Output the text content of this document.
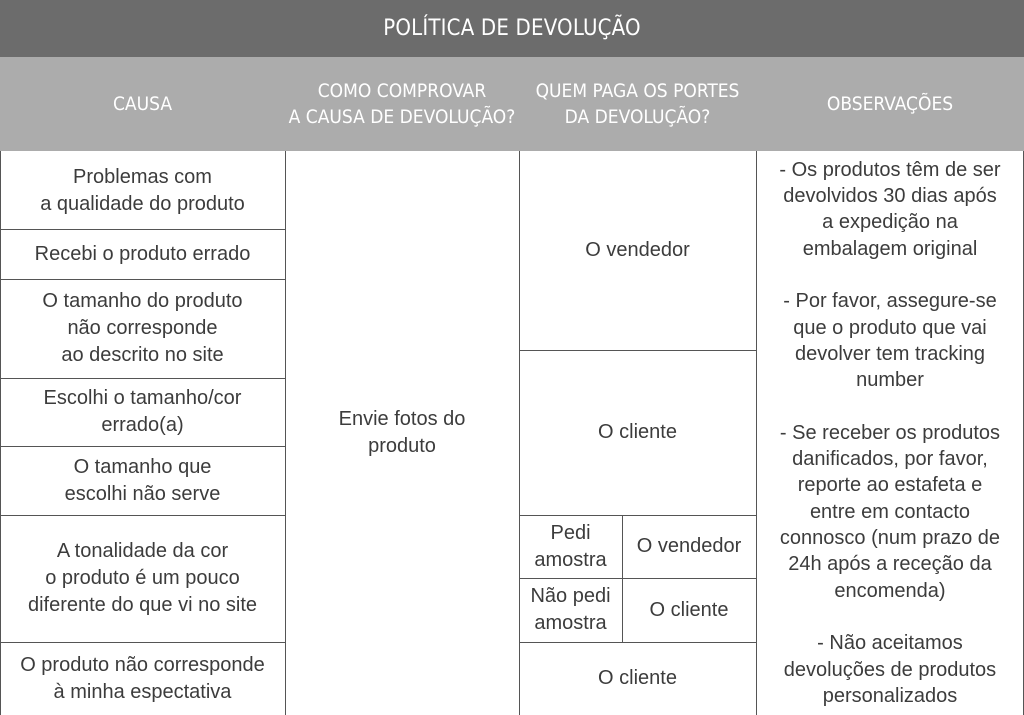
POLÍTICA DE DEVOLUÇÃO
CAUSA
COMO COMPROVAR
A CAUSA DE DEVOLUÇÃO?
QUEM PAGA OS PORTES
DA DEVOLUÇÃO?
OBSERVAÇÕES
Problemas com
a qualidade do produto
Recebi o produto errado
O tamanho do produto
não corresponde
ao descrito no site
Escolhi o tamanho/cor
errado(a)
O tamanho que
escolhi não serve
A tonalidade da cor
o produto é um pouco
diferente do que vi no site
O produto não corresponde
à minha espectativa
Envie fotos do
produto
O vendedor
O cliente
Pedi
amostra
O vendedor
Não pedi
amostra
O cliente
O cliente
- Os produtos têm de ser
devolvidos 30 dias após
a expedição na
embalagem original

- Por favor, assegure-se
que o produto que vai
devolver tem tracking
number

- Se receber os produtos
danificados, por favor,
reporte ao estafeta e
entre em contacto
connosco (num prazo de
24h após a receção da
encomenda)

- Não aceitamos
devoluções de produtos
personalizados
